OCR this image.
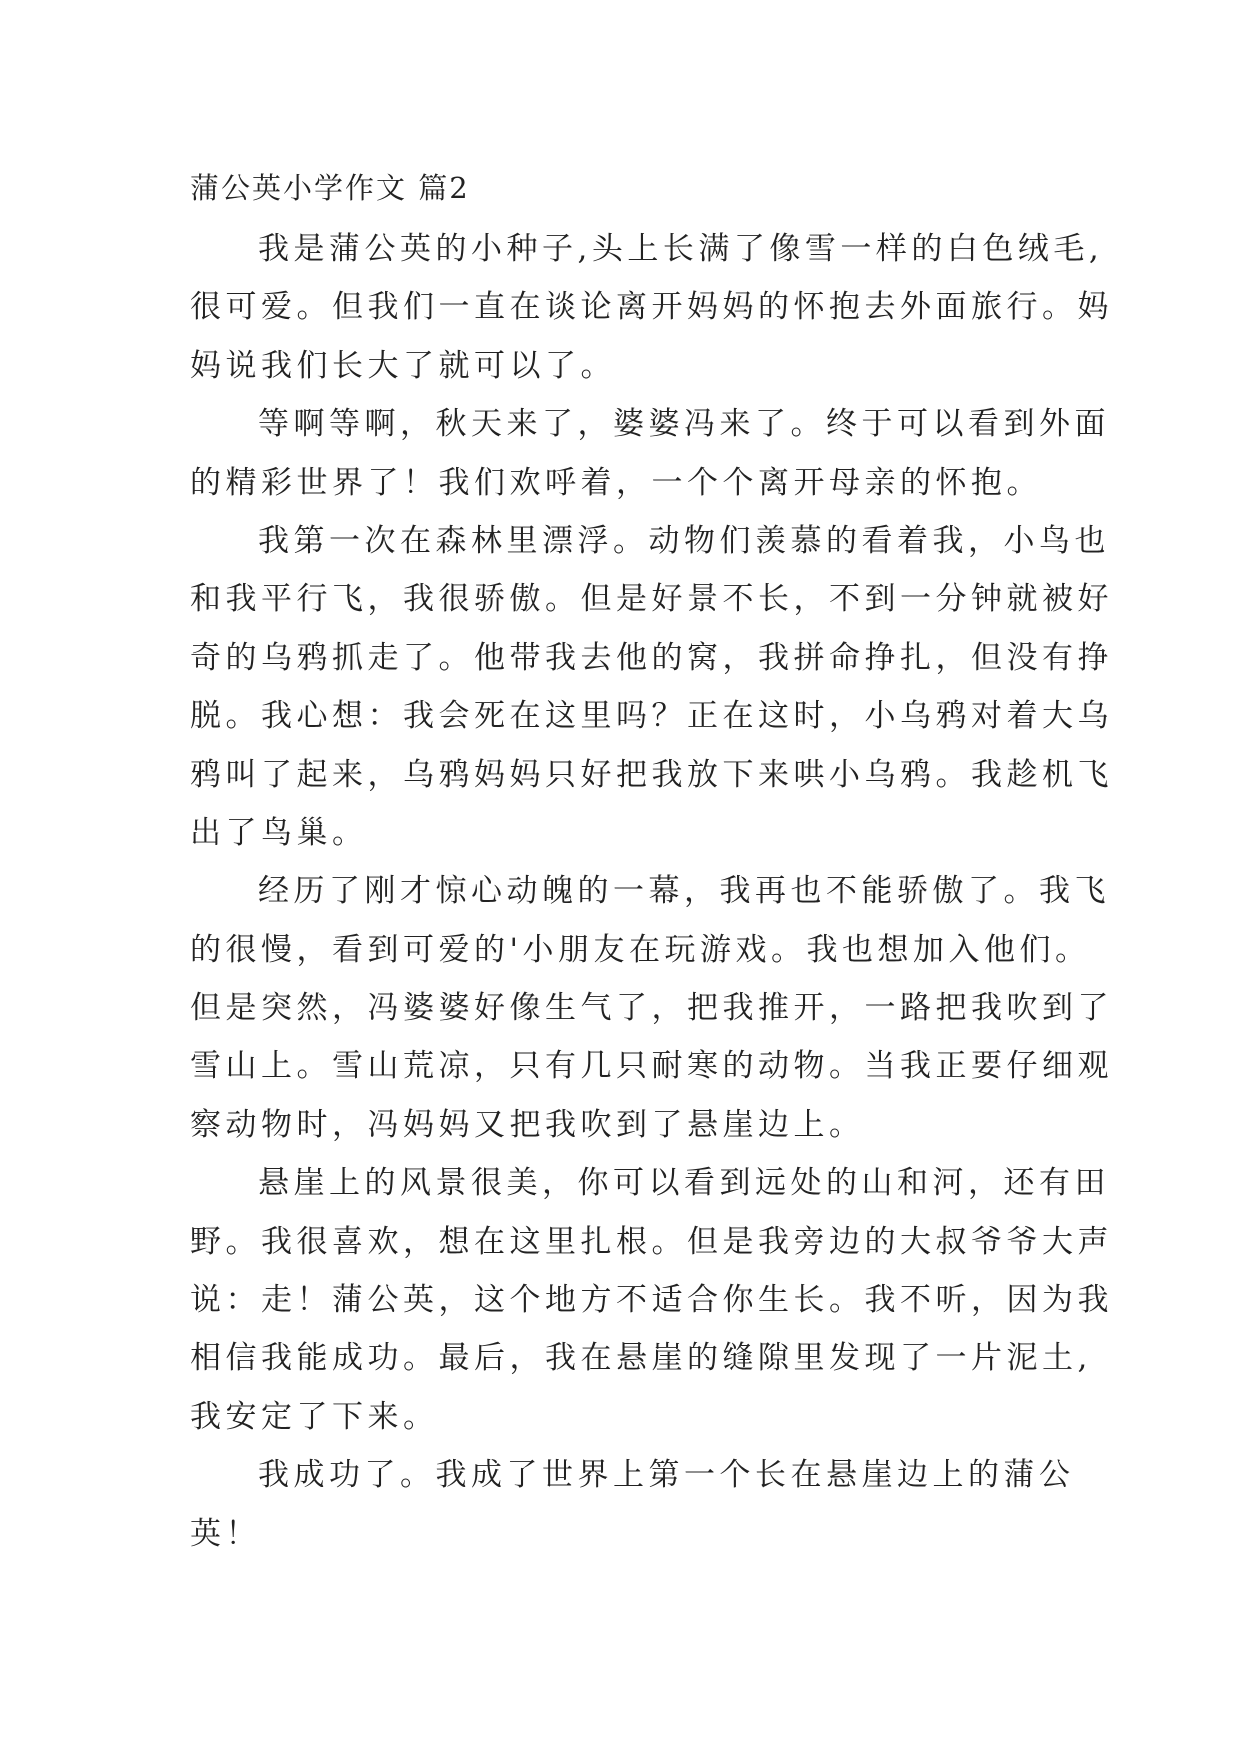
蒲公英小学作文 篇2
我是蒲公英的小种子,头上长满了像雪一样的白色绒毛,
很可爱。但我们一直在谈论离开妈妈的怀抱去外面旅行。妈
妈说我们长大了就可以了。
等啊等啊，秋天来了，婆婆冯来了。终于可以看到外面
的精彩世界了！我们欢呼着，一个个离开母亲的怀抱。
我第一次在森林里漂浮。动物们羡慕的看着我，小鸟也
和我平行飞，我很骄傲。但是好景不长，不到一分钟就被好
奇的乌鸦抓走了。他带我去他的窝，我拼命挣扎，但没有挣
脱。我心想：我会死在这里吗？正在这时，小乌鸦对着大乌
鸦叫了起来，乌鸦妈妈只好把我放下来哄小乌鸦。我趁机飞
出了鸟巢。
经历了刚才惊心动魄的一幕，我再也不能骄傲了。我飞
的很慢，看到可爱的'小朋友在玩游戏。我也想加入他们。
但是突然，冯婆婆好像生气了，把我推开，一路把我吹到了
雪山上。雪山荒凉，只有几只耐寒的动物。当我正要仔细观
察动物时，冯妈妈又把我吹到了悬崖边上。
悬崖上的风景很美，你可以看到远处的山和河，还有田
野。我很喜欢，想在这里扎根。但是我旁边的大叔爷爷大声
说：走！蒲公英，这个地方不适合你生长。我不听，因为我
相信我能成功。最后，我在悬崖的缝隙里发现了一片泥土,
我安定了下来。
我成功了。我成了世界上第一个长在悬崖边上的蒲公
英！
